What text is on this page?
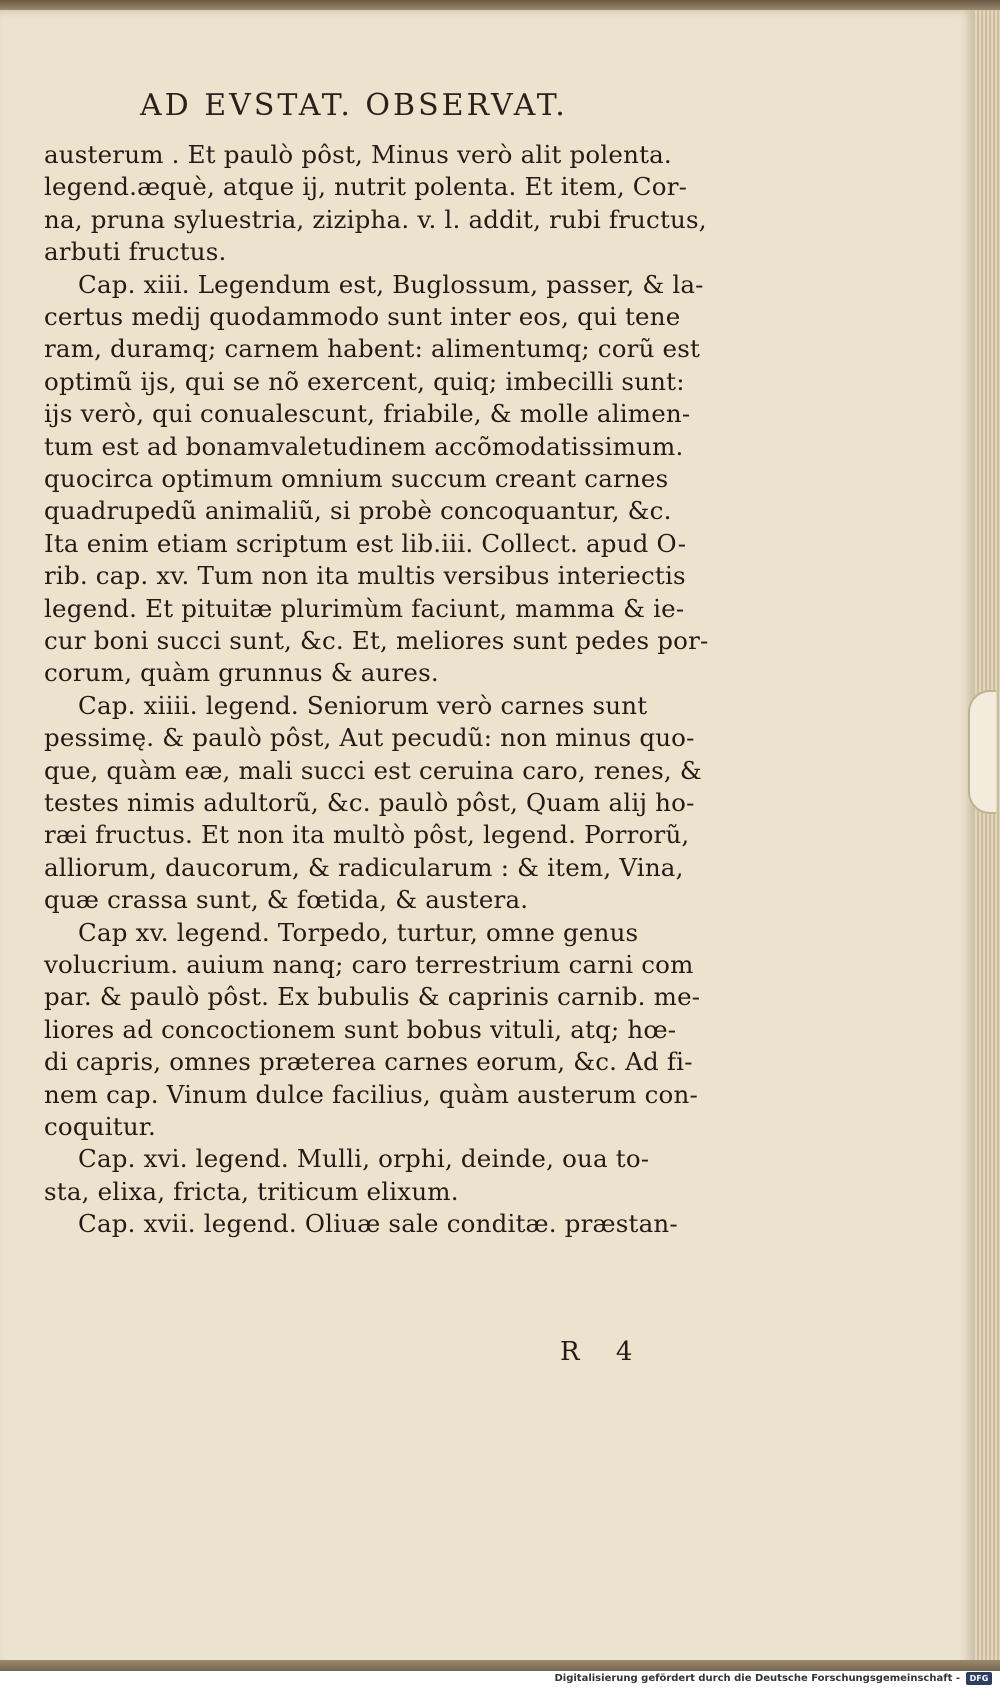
AD EVSTAT. OBSERVAT.
austerum . Et paulò pôst, Minus verò alit polenta.
legend.æquè, atque ij, nutrit polenta. Et item, Cor-
na, pruna syluestria, zizipha. v. l. addit, rubi fructus,
arbuti fructus.
Cap. xiii. Legendum est, Buglossum, passer, & la-
certus medij quodammodo sunt inter eos, qui tene
ram, duramq; carnem habent: alimentumq; corũ est
optimũ ijs, qui se nõ exercent, quiq; imbecilli sunt:
ijs verò, qui conualescunt, friabile, & molle alimen-
tum est ad bonamvaletudinem accõmodatissimum.
quocirca optimum omnium succum creant carnes
quadrupedũ animaliũ, si probè concoquantur, &c.
Ita enim etiam scriptum est lib.iii. Collect. apud O-
rib. cap. xv. Tum non ita multis versibus interiectis
legend. Et pituitæ plurimùm faciunt, mamma & ie-
cur boni succi sunt, &c. Et, meliores sunt pedes por-
corum, quàm grunnus & aures.
Cap. xiiii. legend. Seniorum verò carnes sunt
pessimę. & paulò pôst, Aut pecudũ: non minus quo-
que, quàm eæ, mali succi est ceruina caro, renes, &
testes nimis adultorũ, &c. paulò pôst, Quam alij ho-
ræi fructus. Et non ita multò pôst, legend. Porrorũ,
alliorum, daucorum, & radicularum : & item, Vina,
quæ crassa sunt, & fœtida, & austera.
Cap xv. legend. Torpedo, turtur, omne genus
volucrium. auium nanq; caro terrestrium carni com
par. & paulò pôst. Ex bubulis & caprinis carnib. me-
liores ad concoctionem sunt bobus vituli, atq; hœ-
di capris, omnes præterea carnes eorum, &c. Ad fi-
nem cap. Vinum dulce facilius, quàm austerum con-
coquitur.
Cap. xvi. legend. Mulli, orphi, deinde, oua to-
sta, elixa, fricta, triticum elixum.
Cap. xvii. legend. Oliuæ sale conditæ. præstan-
R 4
Digitalisierung gefördert durch die Deutsche Forschungsgemeinschaft -	DFG
